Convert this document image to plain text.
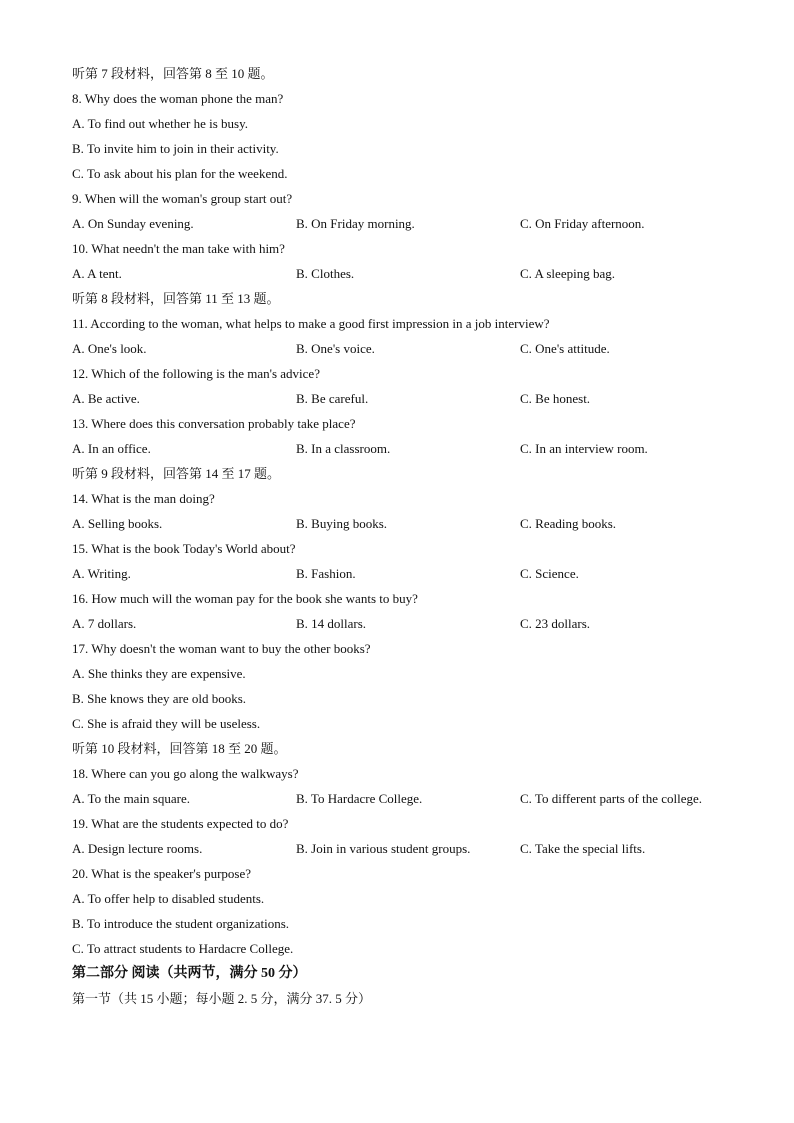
听第 7 段材料，回答第 8 至 10 题。
8. Why does the woman phone the man?
A. To find out whether he is busy.
B. To invite him to join in their activity.
C. To ask about his plan for the weekend.
9. When will the woman's group start out?
A. On Sunday evening.	B. On Friday morning.	C. On Friday afternoon.
10. What needn't the man take with him?
A. A tent.	B. Clothes.	C. A sleeping bag.
听第 8 段材料，回答第 11 至 13 题。
11. According to the woman, what helps to make a good first impression in a job interview?
A. One's look.	B. One's voice.	C. One's attitude.
12. Which of the following is the man's advice?
A. Be active.	B. Be careful.	C. Be honest.
13. Where does this conversation probably take place?
A. In an office.	B. In a classroom.	C. In an interview room.
听第 9 段材料，回答第 14 至 17 题。
14. What is the man doing?
A. Selling books.	B. Buying books.	C. Reading books.
15. What is the book Today's World about?
A. Writing.	B. Fashion.	C. Science.
16. How much will the woman pay for the book she wants to buy?
A. 7 dollars.	B. 14 dollars.	C. 23 dollars.
17. Why doesn't the woman want to buy the other books?
A. She thinks they are expensive.
B. She knows they are old books.
C. She is afraid they will be useless.
听第 10 段材料，回答第 18 至 20 题。
18. Where can you go along the walkways?
A. To the main square.	B. To Hardacre College.	C. To different parts of the college.
19. What are the students expected to do?
A. Design lecture rooms.	B. Join in various student groups.	C. Take the special lifts.
20. What is the speaker's purpose?
A. To offer help to disabled students.
B. To introduce the student organizations.
C. To attract students to Hardacre College.
第二部分 阅读（共两节，满分 50 分）
第一节（共 15 小题；每小题 2. 5 分，满分 37. 5 分）
